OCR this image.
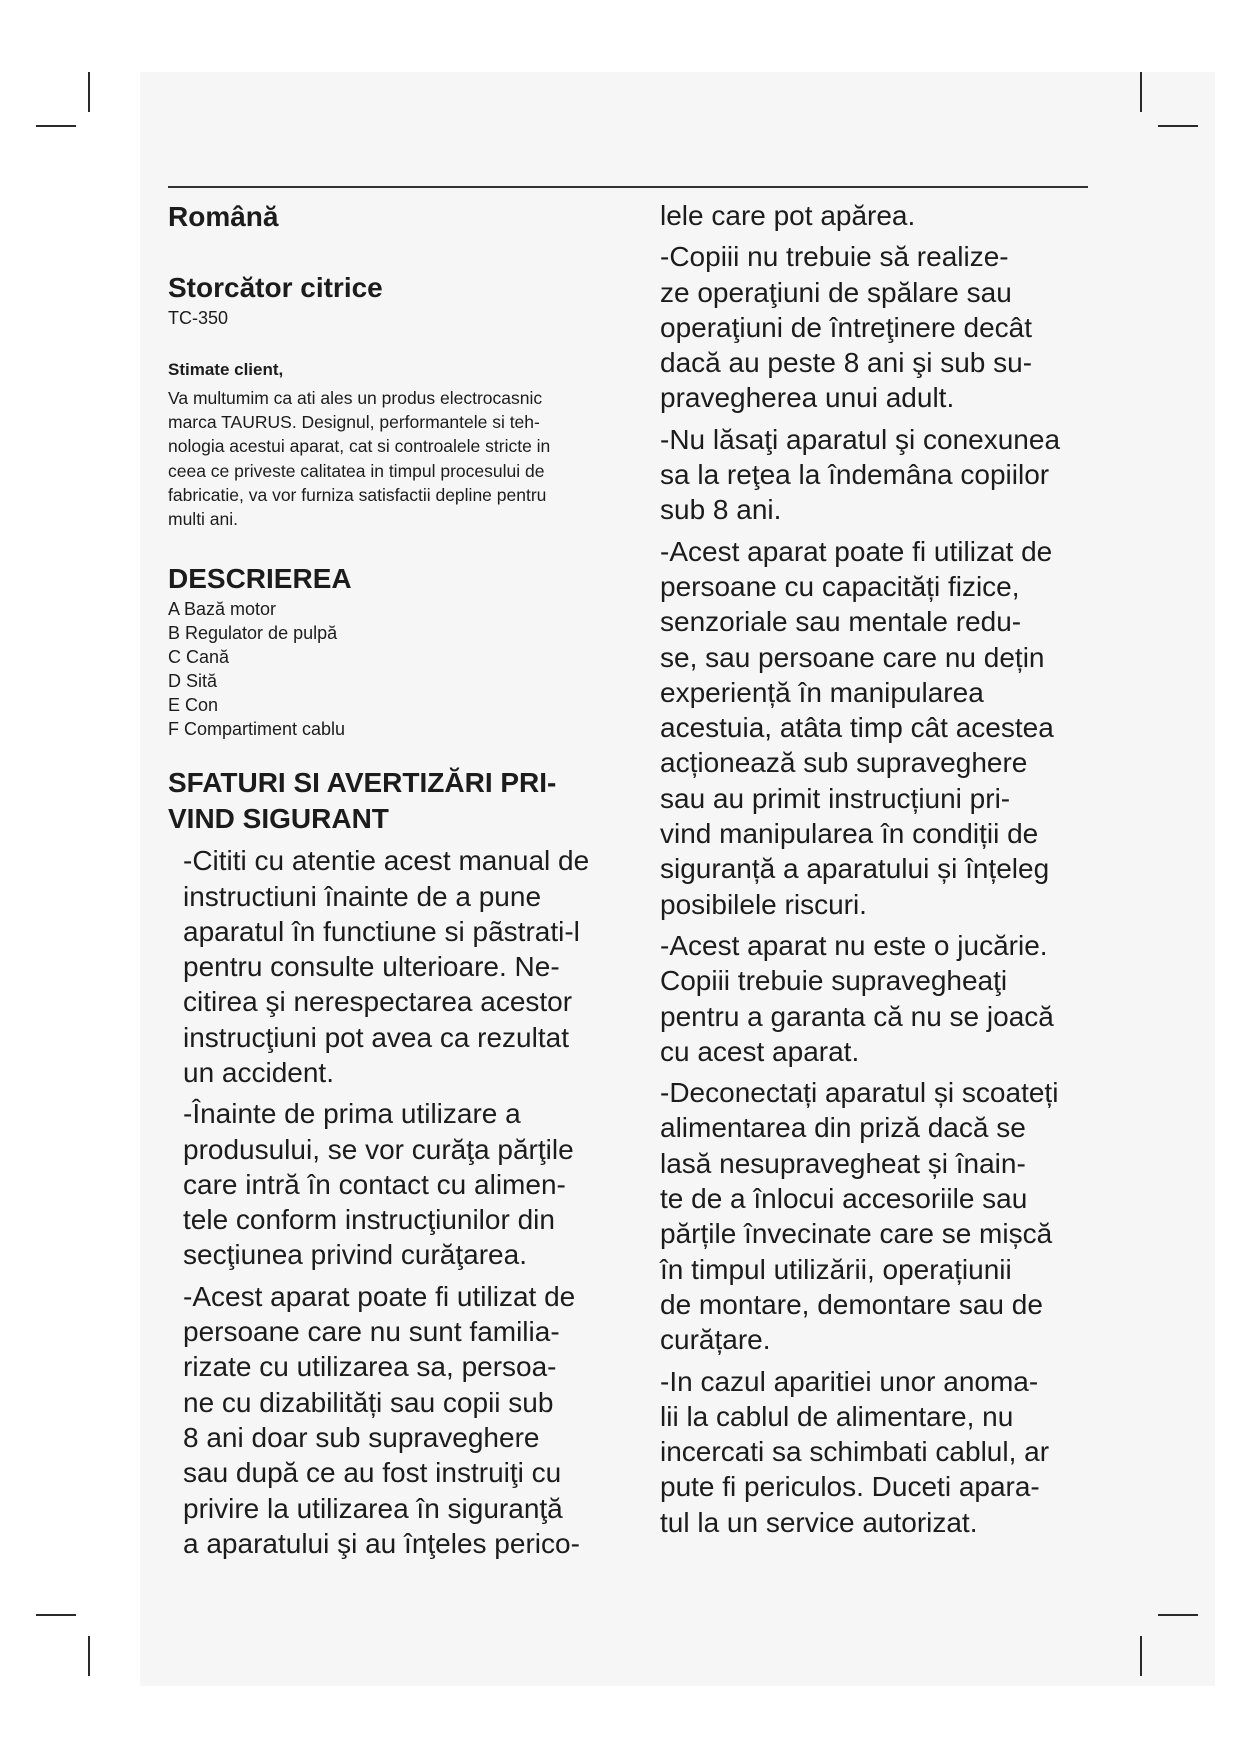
Română

Storcător citrice

TC-350

Stimate client,

Va multumim ca ati ales un produs electrocasnic
marca TAURUS. Designul, performantele si teh-
nologia acestui aparat, cat si controalele stricte in
ceea ce priveste calitatea in timpul procesului de
fabricatie, va vor furniza satisfactii depline pentru
multi ani.

DESCRIEREA

A Bază motor
B Regulator de pulpă
C Cană
D Sită
E Con
F Compartiment cablu
SFATURI SI AVERTIZĂRI PRI-
VIND SIGURANT
-Cititi cu atentie acest manual de
instructiuni înainte de a pune
aparatul în functiune si pãstrati-l
pentru consulte ulterioare. Ne-
citirea şi nerespectarea acestor
instrucţiuni pot avea ca rezultat
un accident.
-Înainte de prima utilizare a
produsului, se vor curăţa părţile
care intră în contact cu alimen-
tele conform instrucţiunilor din
secţiunea privind curăţarea.
-Acest aparat poate fi utilizat de
persoane care nu sunt familia-
rizate cu utilizarea sa, persoa-
ne cu dizabilități sau copii sub
8 ani doar sub supraveghere
sau după ce au fost instruiţi cu
privire la utilizarea în siguranţă
a aparatului şi au înţeles perico-
lele care pot apărea.
-Copiii nu trebuie să realize-
ze operaţiuni de spălare sau
operaţiuni de întreţinere decât
dacă au peste 8 ani şi sub su-
pravegherea unui adult.
-Nu lăsaţi aparatul şi conexunea
sa la reţea la îndemâna copiilor
sub 8 ani.
-Acest aparat poate fi utilizat de
persoane cu capacități fizice,
senzoriale sau mentale redu-
se, sau persoane care nu dețin
experiență în manipularea
acestuia, atâta timp cât acestea
acționează sub supraveghere
sau au primit instrucțiuni pri-
vind manipularea în condiții de
siguranță a aparatului și înțeleg
posibilele riscuri.
-Acest aparat nu este o jucărie.
Copiii trebuie supravegheaţi
pentru a garanta că nu se joacă
cu acest aparat.
-Deconectați aparatul și scoateți
alimentarea din priză dacă se
lasă nesupravegheat și înain-
te de a înlocui accesoriile sau
părțile învecinate care se mișcă
în timpul utilizării, operațiunii
de montare, demontare sau de
curățare.
-In cazul aparitiei unor anoma-
lii la cablul de alimentare, nu
incercati sa schimbati cablul, ar
pute fi periculos. Duceti apara-
tul la un service autorizat.
